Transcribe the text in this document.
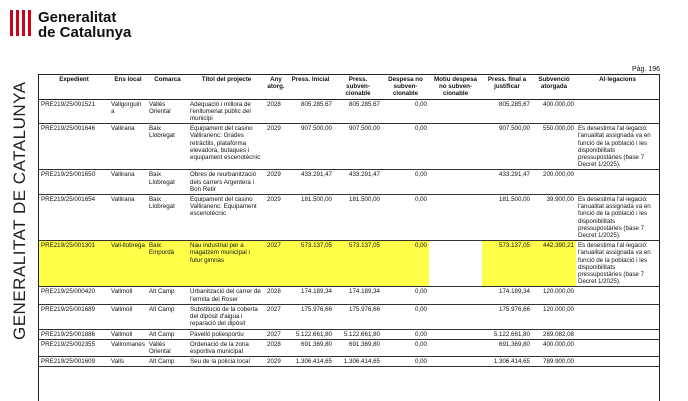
Generalitat
de Catalunya
GENERALITAT DE CATALUNYA
Pàg. 196
Expedient	Ens local	Comarca	Títol del projecte	Any atorg.	Press. Inicial	Press. subven-cionable	Despesa no subven-cionable	Motiu despesa no subven-cionable	Press. final a justificar	Subvenció atorgada	Al·legacions
PRE219/25/001521	Vallgorguin a	Vallès Oriental	Adequació i millora de l'enllumenat públic del municipi	2028	805.285,67	805.285,67	0,00		805.285,67	400.000,00	
PRE219/25/001646	Vallirana	Baix Llobregat	Equipament del casino Valliranenc: Grades retràctils, plataforma elevadora, butaques i equipament escenotècnic	2029	907.500,00	907.500,00	0,00		907.500,00	550.000,00	Es desestima l'al·legació: l'anualitat assignada va en funció de la població i les disponibilitats pressupostàries (base 7 Decret 1/2025).
PRE219/25/001650	Vallirana	Baix Llobregat	Obres de reurbanització dels carrers Argentera i Bon Retir	2029	433.291,47	433.291,47	0,00		433.291,47	200.000,00	
PRE219/25/001654	Vallirana	Baix Llobregat	Equipament del casino Valliranenc: Equipament escenotècnic	2029	181.500,00	181.500,00	0,00		181.500,00	39.900,00	Es desestima l'al·legació: l'anualitat assignada va en funció de la població i les disponibilitats pressupostàries (base 7 Decret 1/2025).
PRE219/25/001301	Vall-llobrega	Baix Empordà	Nau industrial per a magatzem municipal i futur gimnàs	2027	573.137,05	573.137,05	0,00		573.137,05	442.390,21	Es desestima l'al·legació: l'anualitat assignada va en funció de la població i les disponibilitats pressupostàries (base 7 Decret 1/2025).
PRE219/25/000420	Vallmoll	Alt Camp	Urbanització del carrer de l'ermita del Roser	2028	174.189,34	174.189,34	0,00		174.189,34	120.000,00	
PRE219/25/001689	Vallmoll	Alt Camp	Substitució de la coberta del dipòsit d'aigua i reparació del dipòsit	2027	175.976,66	175.976,66	0,00		175.976,66	120.000,00	
PRE219/25/001886	Vallmoll	Alt Camp	Pavelló poliesportiu	2027	5.122.661,80	5.122.661,80	0,00		5.122.661,80	269.082,08	
PRE219/25/002355	Vallromanes	Vallès Oriental	Ordenació de la zona esportiva municipal	2028	691.369,80	691.369,80	0,00		691.369,80	400.000,00	
PRE219/25/001609	Valls	Alt Camp	Seu de la policia local	2029	1.306.414,65	1.306.414,65	0,00		1.306.414,65	789.900,00	
